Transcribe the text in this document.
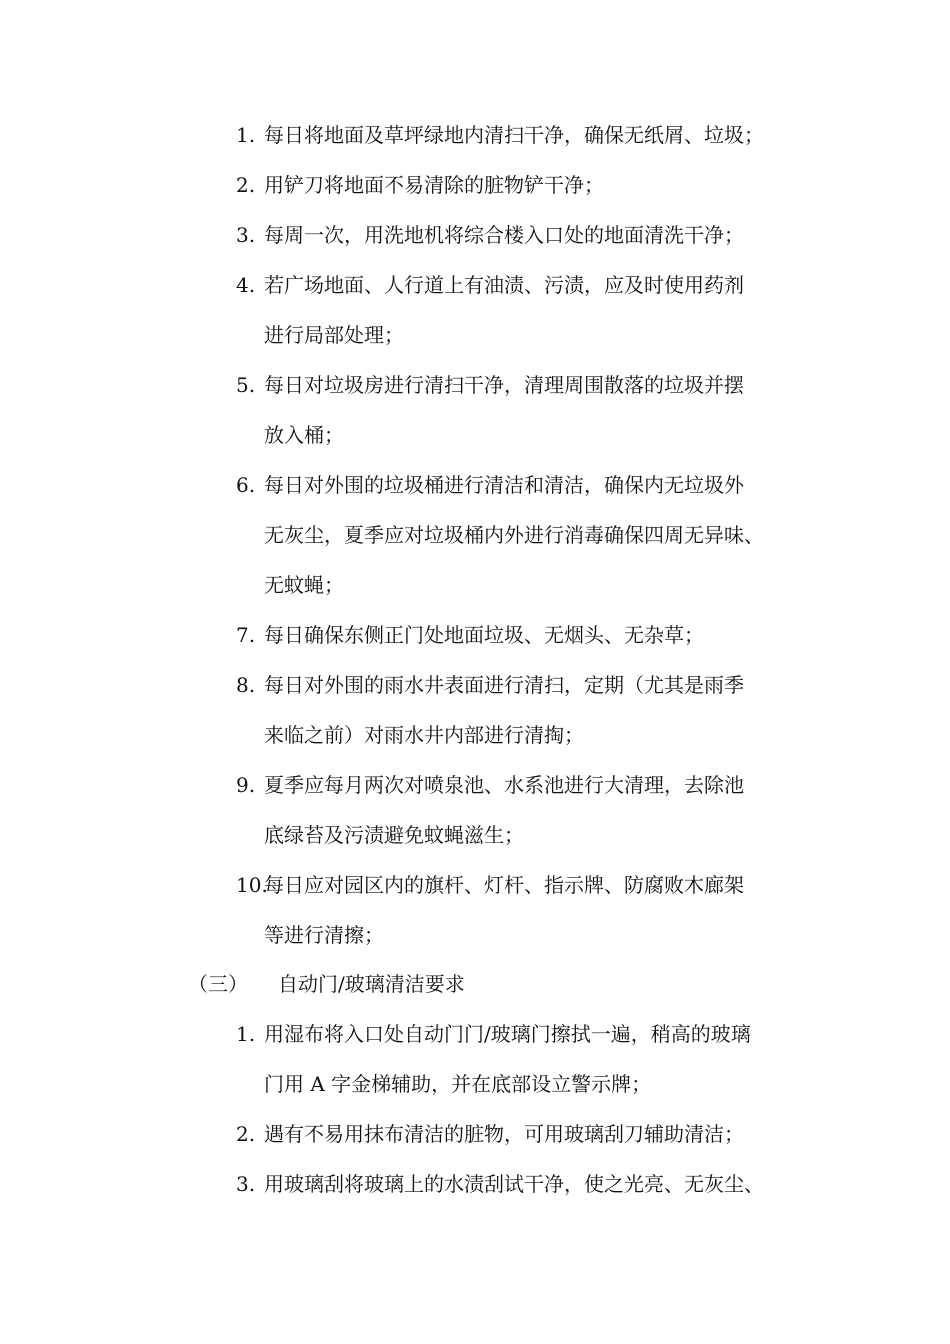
1. 每日将地面及草坪绿地内清扫干净，确保无纸屑、垃圾；
2. 用铲刀将地面不易清除的脏物铲干净；
3. 每周一次，用洗地机将综合楼入口处的地面清洗干净；
4. 若广场地面、人行道上有油渍、污渍，应及时使用药剂
进行局部处理；
5. 每日对垃圾房进行清扫干净，清理周围散落的垃圾并摆
放入桶；
6. 每日对外围的垃圾桶进行清洁和清洁，确保内无垃圾外
无灰尘，夏季应对垃圾桶内外进行消毒确保四周无异味、
无蚊蝇；
7. 每日确保东侧正门处地面垃圾、无烟头、无杂草；
8. 每日对外围的雨水井表面进行清扫，定期（尤其是雨季
来临之前）对雨水井内部进行清掏；
9. 夏季应每月两次对喷泉池、水系池进行大清理，去除池
底绿苔及污渍避免蚊蝇滋生；
10.每日应对园区内的旗杆、灯杆、指示牌、防腐败木廊架
等进行清擦；
（三） 自动门/玻璃清洁要求
1. 用湿布将入口处自动门门/玻璃门擦拭一遍，稍高的玻璃
门用 A 字金梯辅助，并在底部设立警示牌；
2. 遇有不易用抹布清洁的脏物，可用玻璃刮刀辅助清洁；
3. 用玻璃刮将玻璃上的水渍刮试干净，使之光亮、无灰尘、
